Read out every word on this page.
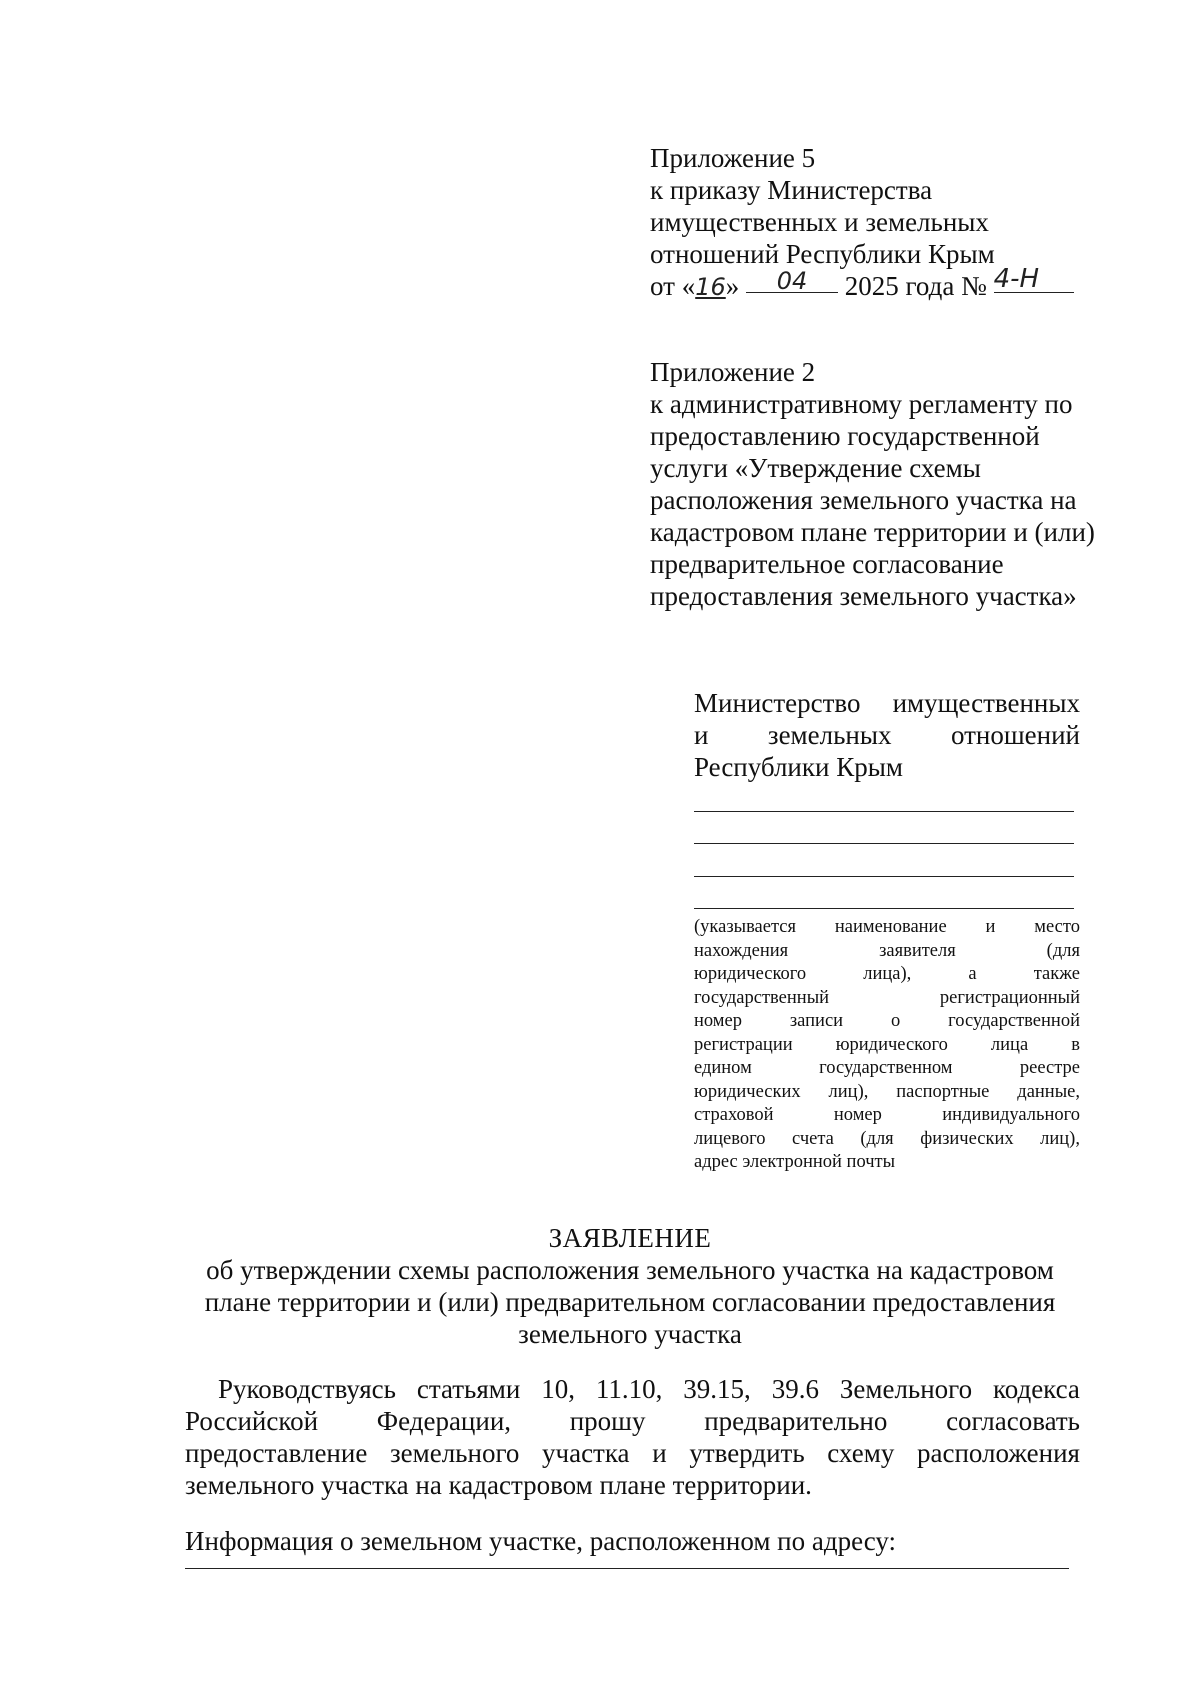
Приложение 5
к приказу Министерства
имущественных и земельных
отношений Республики Крым
от «16» 04 2025 года № 4-Н
Приложение 2
к административному регламенту по
предоставлению государственной
услуги «Утверждение схемы
расположения земельного участка на
кадастровом плане территории и (или)
предварительное согласование
предоставления земельного участка»
Министерство имущественных
и земельных отношений
Республики Крым
(указывается наименование и место
нахождения	заявителя	(для
юридического	лица),	а	также
государственный	регистрационный
номер	записи	о	государственной
регистрации юридического лица в
едином	государственном	реестре
юридических лиц), паспортные данные,
страховой	номер	индивидуального
лицевого счета (для физических лиц),
адрес электронной почты
ЗАЯВЛЕНИЕ
об утверждении схемы расположения земельного участка на кадастровом
плане территории и (или) предварительном согласовании предоставления
земельного участка
Руководствуясь статьями 10, 11.10, 39.15, 39.6 Земельного кодекса
Российской Федерации, прошу предварительно согласовать
предоставление земельного участка и утвердить схему расположения
земельного участка на кадастровом плане территории.
Информация о земельном участке, расположенном по адресу:
